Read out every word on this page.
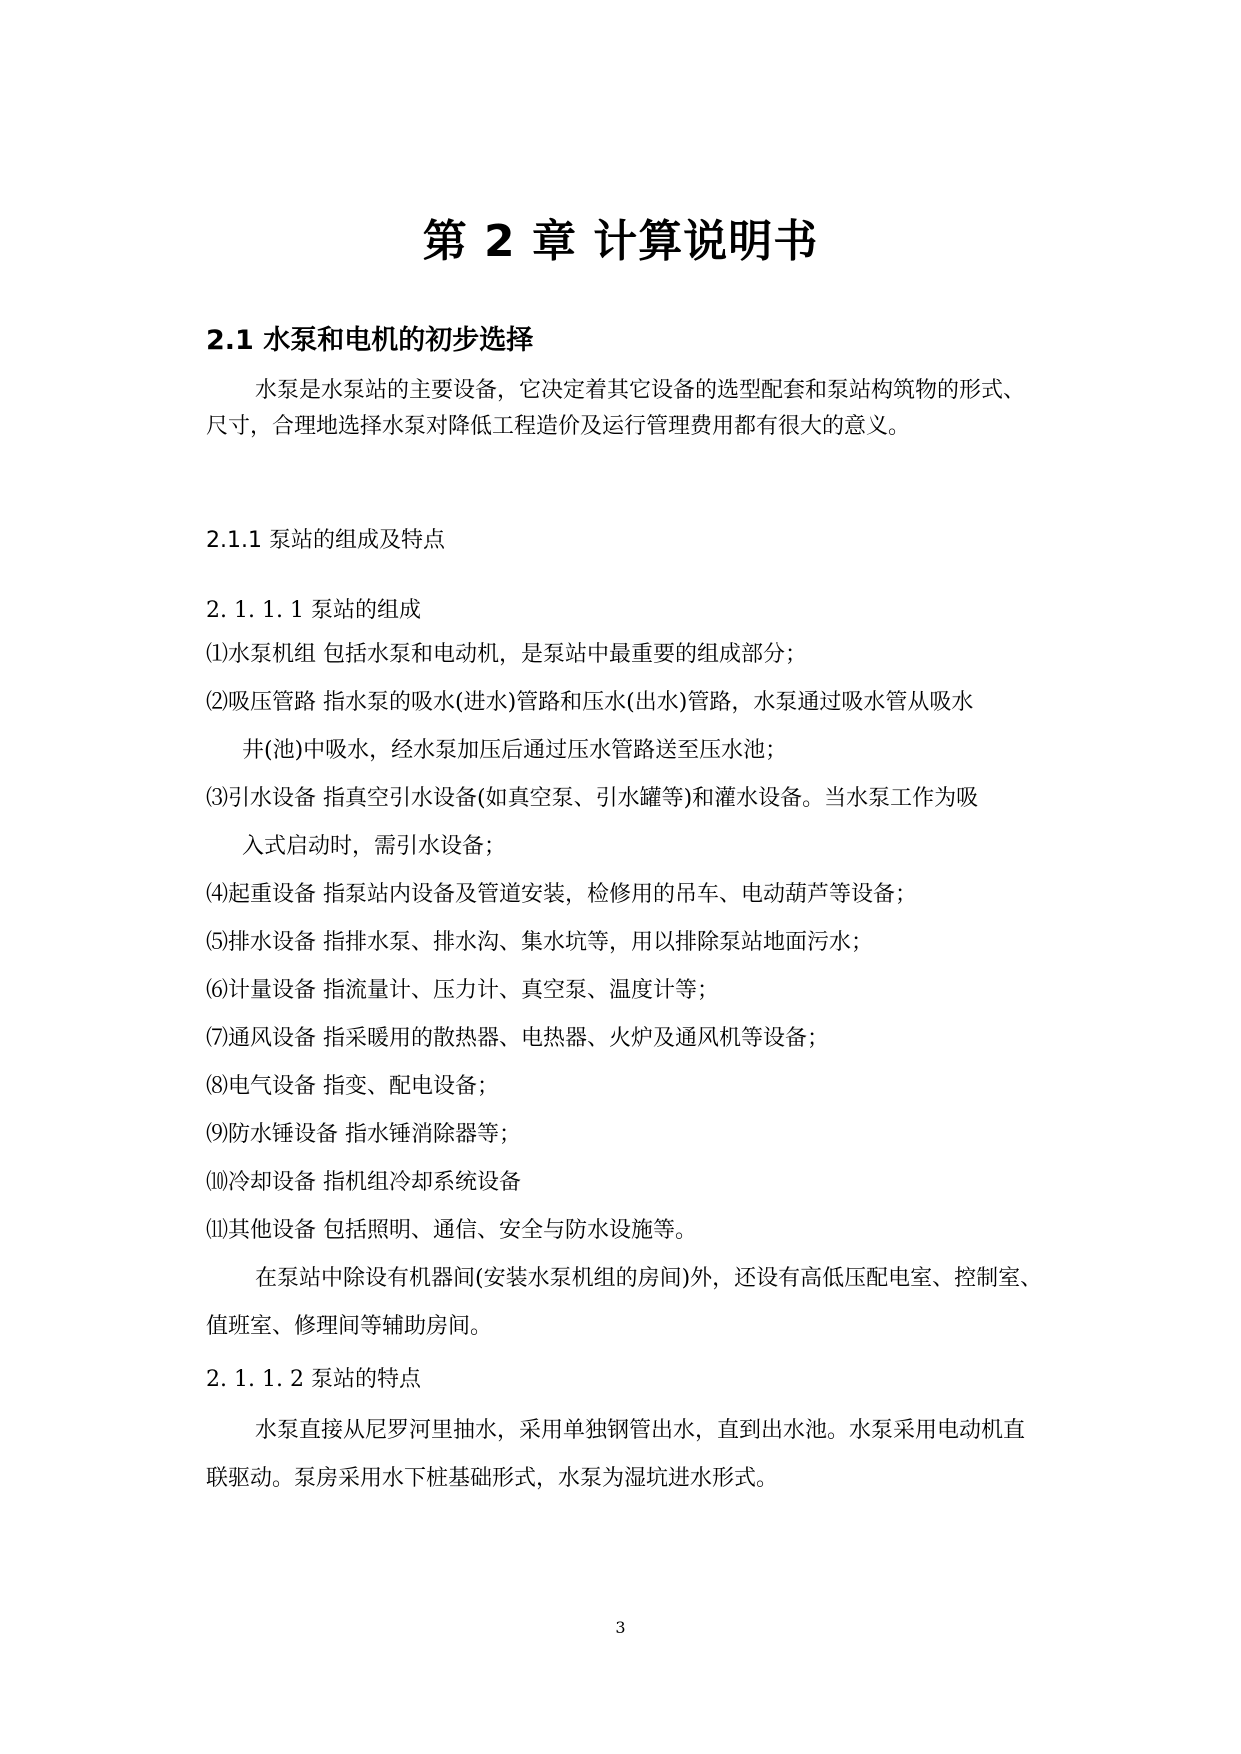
第 2 章 计算说明书
2.1 水泵和电机的初步选择
水泵是水泵站的主要设备，它决定着其它设备的选型配套和泵站构筑物的形式、
尺寸，合理地选择水泵对降低工程造价及运行管理费用都有很大的意义。
2.1.1 泵站的组成及特点
2. 1. 1. 1 泵站的组成
⑴水泵机组 包括水泵和电动机，是泵站中最重要的组成部分；
⑵吸压管路 指水泵的吸水(进水)管路和压水(出水)管路，水泵通过吸水管从吸水
井(池)中吸水，经水泵加压后通过压水管路送至压水池；
⑶引水设备 指真空引水设备(如真空泵、引水罐等)和灌水设备。当水泵工作为吸
入式启动时，需引水设备；
⑷起重设备 指泵站内设备及管道安装，检修用的吊车、电动葫芦等设备；
⑸排水设备 指排水泵、排水沟、集水坑等，用以排除泵站地面污水；
⑹计量设备 指流量计、压力计、真空泵、温度计等；
⑺通风设备 指采暖用的散热器、电热器、火炉及通风机等设备；
⑻电气设备 指变、配电设备；
⑼防水锤设备 指水锤消除器等；
⑽冷却设备 指机组冷却系统设备
⑾其他设备 包括照明、通信、安全与防水设施等。
在泵站中除设有机器间(安装水泵机组的房间)外，还设有高低压配电室、控制室、
值班室、修理间等辅助房间。
2. 1. 1. 2 泵站的特点
水泵直接从尼罗河里抽水，采用单独钢管出水，直到出水池。水泵采用电动机直
联驱动。泵房采用水下桩基础形式，水泵为湿坑进水形式。
3
